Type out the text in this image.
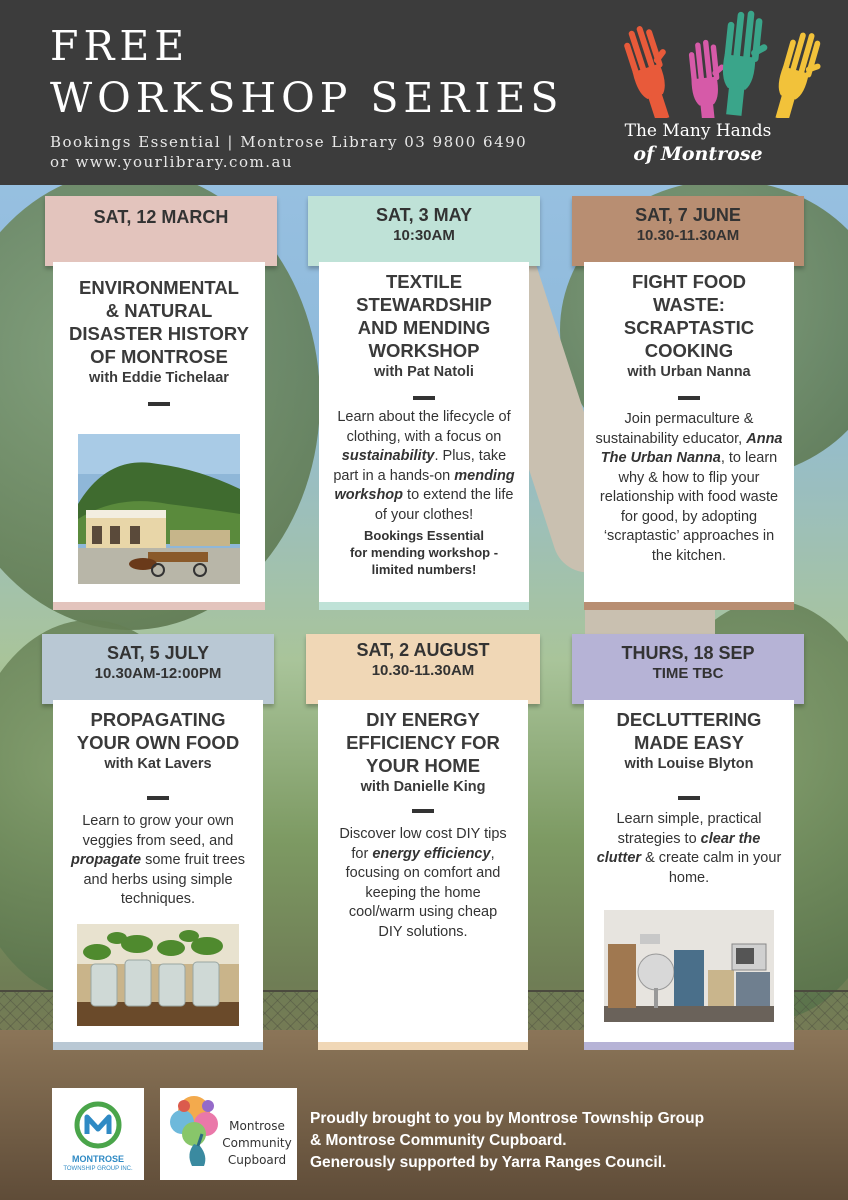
FREE
WORKSHOP SERIES
Bookings Essential | Montrose Library 03 9800 6490
or www.yourlibrary.com.au
The Many Hands
of Montrose
SAT, 12 MARCH
ENVIRONMENTAL
& NATURAL
DISASTER HISTORY
OF MONTROSE
with Eddie Tichelaar
SAT, 3 MAY
10:30AM
TEXTILE
STEWARDSHIP
AND MENDING
WORKSHOP
with Pat Natoli
Learn about the lifecycle of clothing, with a focus on sustainability. Plus, take part in a hands-on mending workshop to extend the life of your clothes!
Bookings Essential
for mending workshop -
limited numbers!
SAT, 7 JUNE
10.30-11.30AM
FIGHT FOOD
WASTE:
SCRAPTASTIC
COOKING
with Urban Nanna
Join permaculture & sustainability educator, Anna The Urban Nanna, to learn why & how to flip your relationship with food waste for good, by adopting ‘scraptastic’ approaches in the kitchen.
SAT, 5 JULY
10.30AM-12:00PM
PROPAGATING
YOUR OWN FOOD
with Kat Lavers
Learn to grow your own veggies from seed, and propagate some fruit trees and herbs using simple techniques.
SAT, 2 AUGUST
10.30-11.30AM
DIY ENERGY
EFFICIENCY FOR
YOUR HOME
with Danielle King
Discover low cost DIY tips for energy efficiency, focusing on comfort and keeping the home cool/warm using cheap DIY solutions.
THURS, 18 SEP
TIME TBC
DECLUTTERING
MADE EASY
with Louise Blyton
Learn simple, practical strategies to clear the clutter & create calm in your home.
MONTROSE
TOWNSHIP GROUP INC.
Montrose
Community
Cupboard
Proudly brought to you by Montrose Township Group
& Montrose Community Cupboard.
Generously supported by Yarra Ranges Council.
